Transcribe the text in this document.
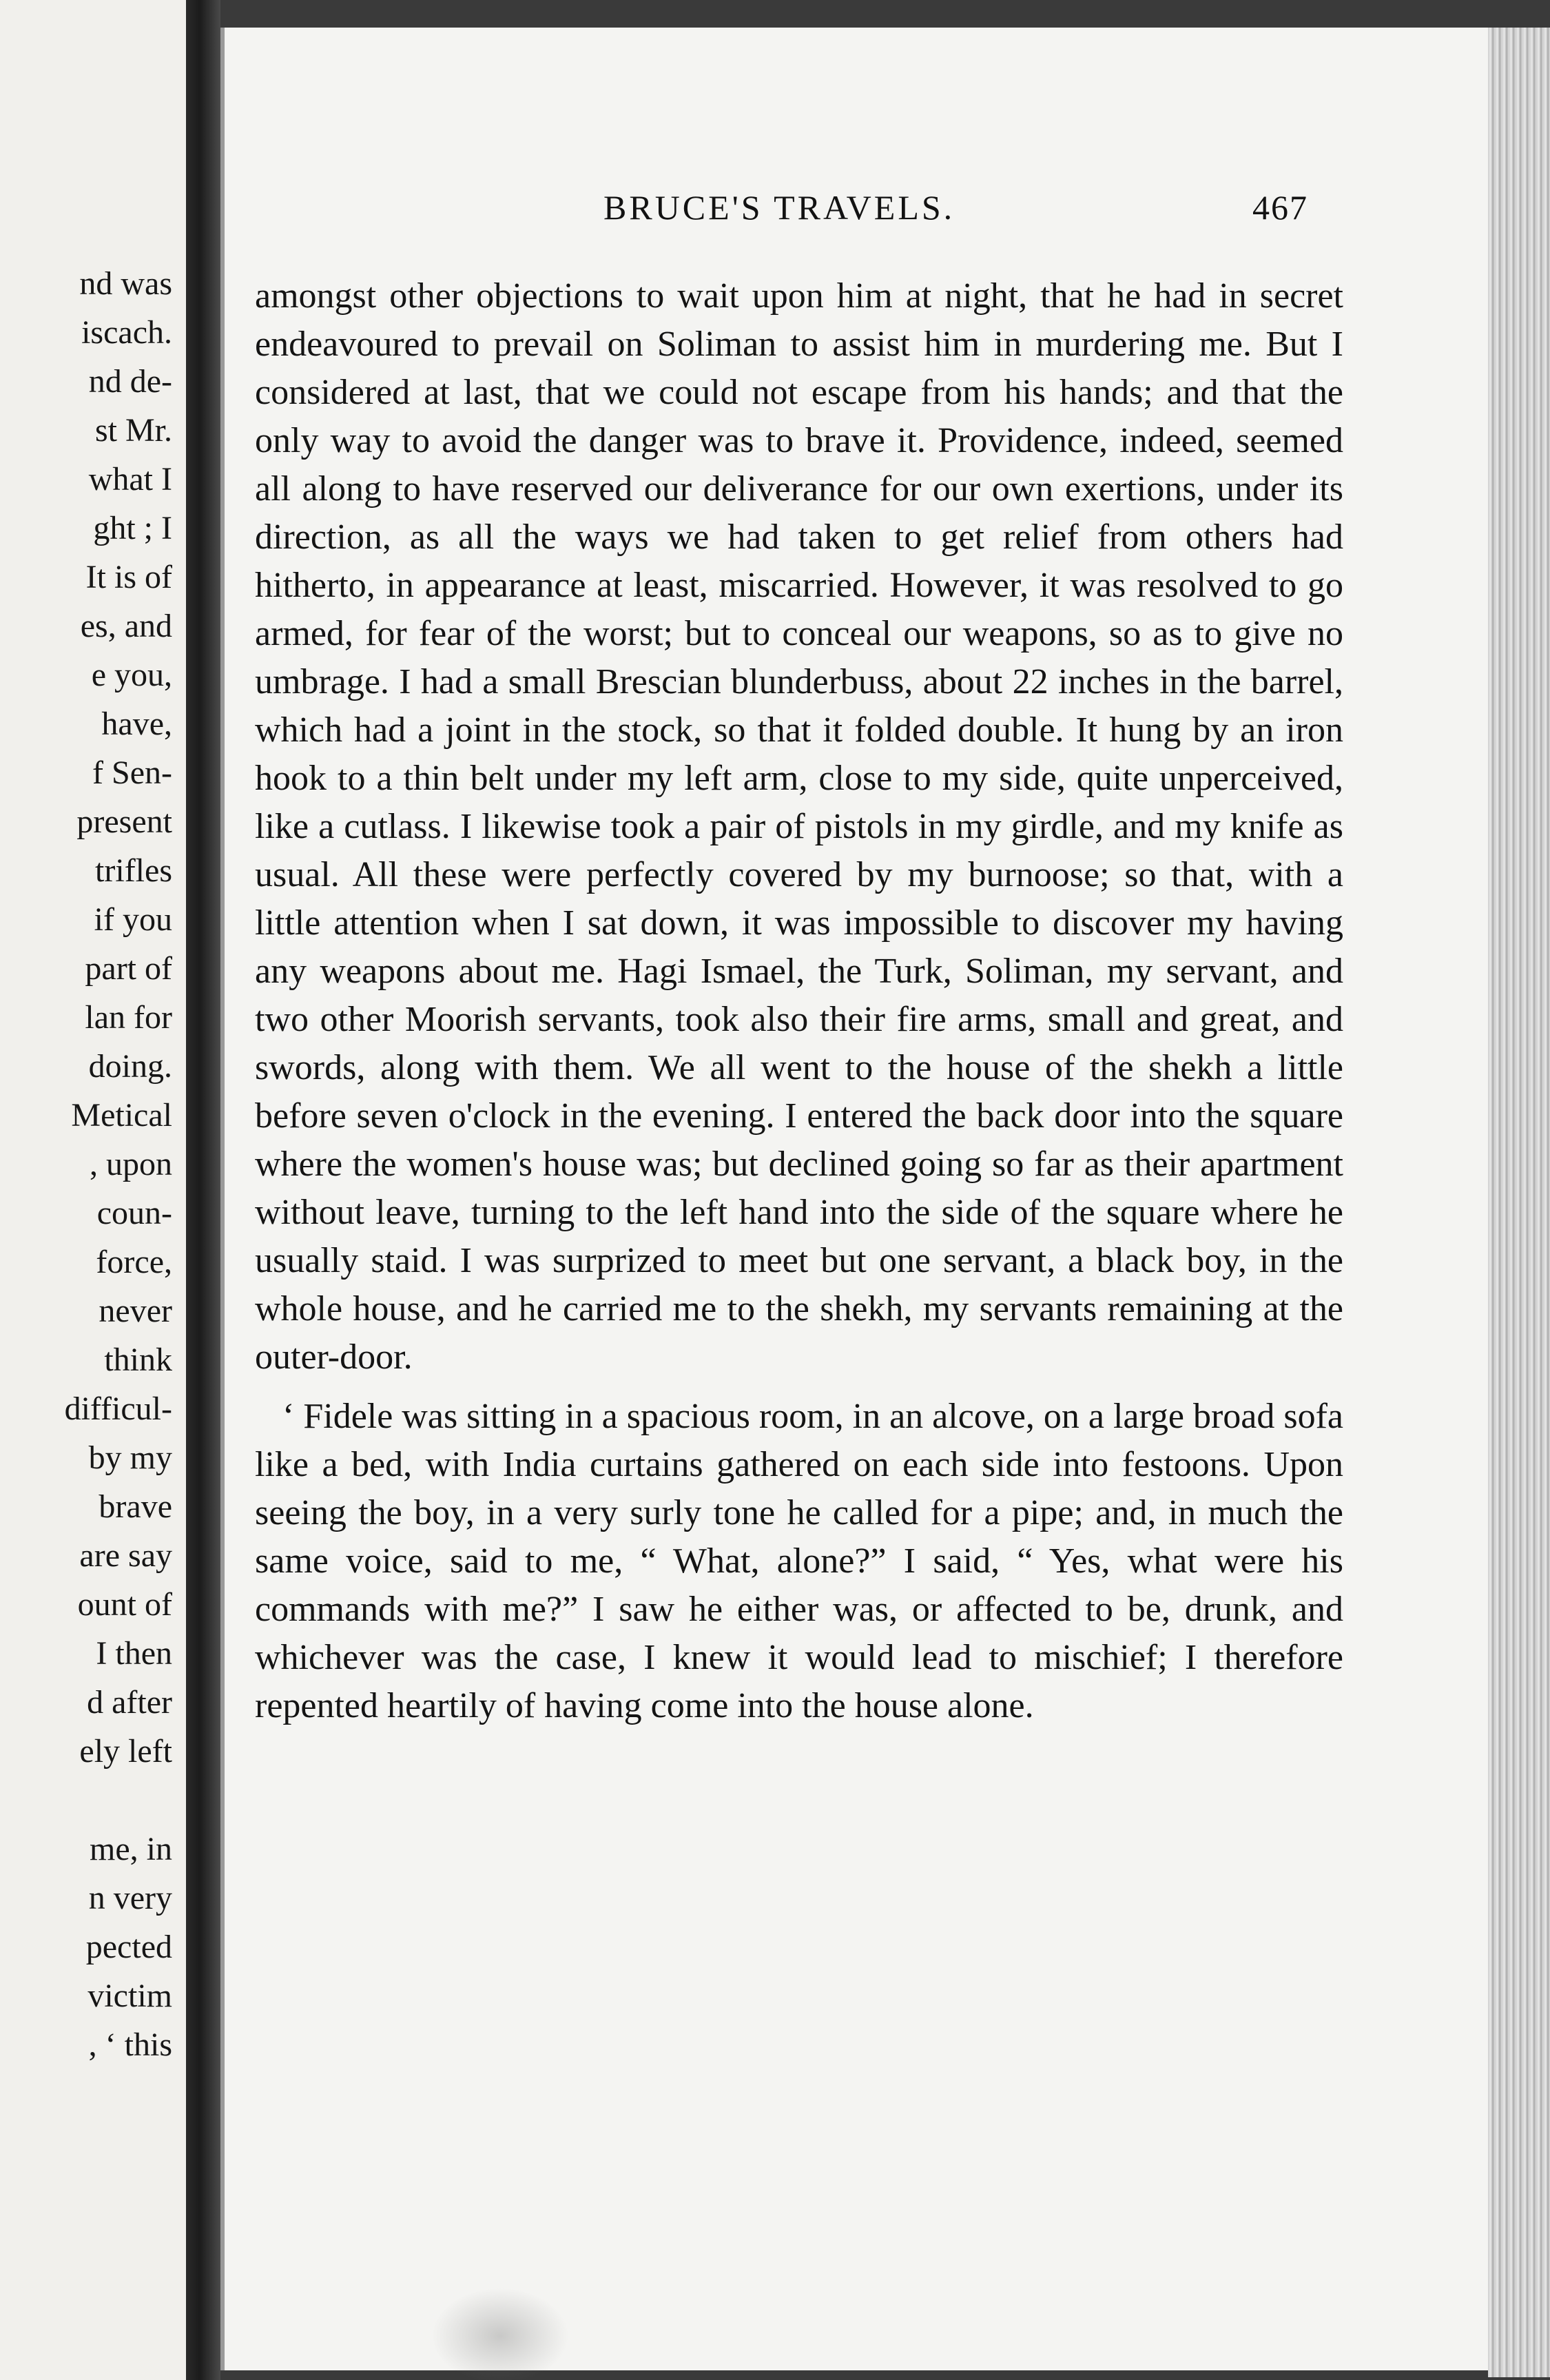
nd was
iscach.
nd de-
st Mr.
what I
ght ; I
It is of
es, and
e you,
have,
f Sen-
present
trifles
if you
part of
lan for
doing.
Metical
, upon
coun-
force,
never
think
difficul-
by my
brave
are say
ount of
I then
d after
ely left
me, in
n very
pected
victim
, ‘ this
BRUCE'S TRAVELS.	467

amongst other objections to wait upon him at night, that he had in secret endeavoured to prevail on Soliman to assist him in murdering me. But I considered at last, that we could not escape from his hands; and that the only way to avoid the danger was to brave it. Providence, indeed, seemed all along to have reserved our deliverance for our own exertions, under its direction, as all the ways we had taken to get relief from others had hitherto, in appearance at least, miscarried. However, it was resolved to go armed, for fear of the worst; but to conceal our weapons, so as to give no umbrage. I had a small Brescian blunderbuss, about 22 inches in the barrel, which had a joint in the stock, so that it folded double. It hung by an iron hook to a thin belt under my left arm, close to my side, quite unperceived, like a cutlass. I likewise took a pair of pistols in my girdle, and my knife as usual. All these were perfectly covered by my burnoose; so that, with a little attention when I sat down, it was impossible to discover my having any weapons about me. Hagi Ismael, the Turk, Soliman, my servant, and two other Moorish servants, took also their fire arms, small and great, and swords, along with them. We all went to the house of the shekh a little before seven o'clock in the evening. I entered the back door into the square where the women's house was; but declined going so far as their apartment without leave, turning to the left hand into the side of the square where he usually staid. I was surprized to meet but one servant, a black boy, in the whole house, and he carried me to the shekh, my servants remaining at the outer-door.

‘ Fidele was sitting in a spacious room, in an alcove, on a large broad sofa like a bed, with India curtains gathered on each side into festoons. Upon seeing the boy, in a very surly tone he called for a pipe; and, in much the same voice, said to me, “ What, alone?” I said, “ Yes, what were his commands with me?” I saw he either was, or affected to be, drunk, and whichever was the case, I knew it would lead to mischief; I therefore repented heartily of having come into the house alone.
